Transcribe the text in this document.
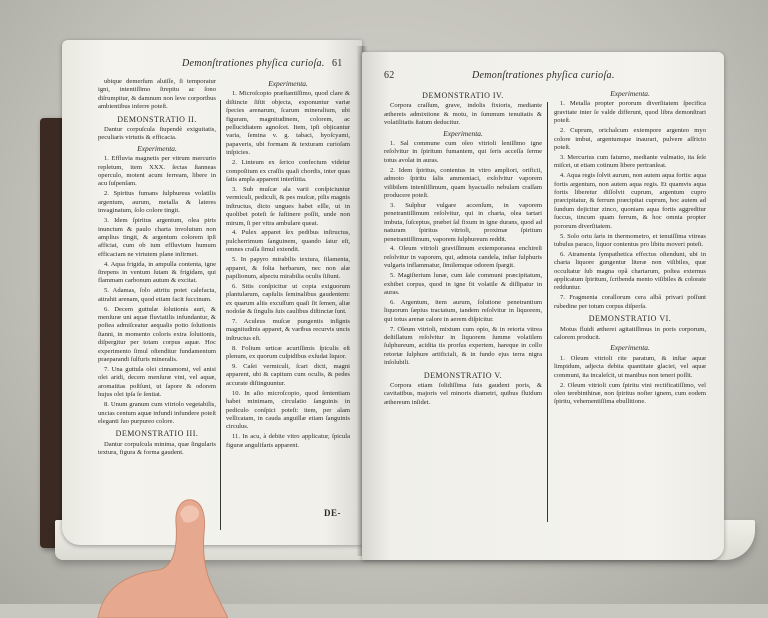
Demonſtrationes phyſica curioſa. 61

ubique demerſum aluiſſe, ſi temporatur igni, intentiſſimo ſtrepitu ac ſono diſrumpitur, & damnum non leve corporibus ambientibus inferre poteſt.

DEMONSTRATIO II.

Dantur corpuſcula ſtupendè exiguitatis, peculiaris virtutis & efficacia.

Experimenta.

1. Effluvia magnetis per vitrum mercurio repletum, item XXX. ſectas ſtanneas operculo, motent acum ferream, libere in acu ſuſpenſam.

2. Spiritus fumans ſulphureus volatilis argentum, aurum, metalla & lateres invaginatum, ſolo colore tingit.

3. Idem ſpiritus argentum, olea piris inunctum & paulo charta involutum non amplius tingit, & argentum colorem ipſi afficiat, cum ob ium effluvium humum efficaciam ne virtutem plane infirmet.

4. Aqua frigida, in ampulla contenta, igne ſtrepens in ventum ſutam & frigidam, qui flammam carbonum autum & excitat.

5. Adamas, ſolo attritu potet calefacta, attrahit arenam, quod etiam facit ſuccinum.

6. Decem guttulæ ſolutionis auri, & menſuræ uni aquæ fluviatilis infundantur, & poſtea admiſceatur aequalis potio ſolutionis ſtanni, in momento coloris extra ſolutionis, diſpergitur per totam corpus aquæ. Hoc experimento ſimul oſtenditur fundamentum praeparandi ſulfuris mineralis.

7. Una guttula olei cinnamomi, vel anisi olei aridi, decem menſuræ vini, vel aquæ, aromatitas poſtſunt, ut ſapore & odorem hujus olei ipſa ſe ſentiat.

8. Unum granum cum vitriolo vegetabilis, uncias centum aquæ infundi infundere poteſt eleganti ſuo purpureo colore.

DEMONSTRATIO III.

Dantur corpuſcula minima, quæ ſingularis textura, figura & forma gaudent.

Experimenta.

1. Microſcopio præſtantiſſimo, quod clare & diſtincte ſiſtit objecta, exponuntur variæ ſpecies arenarum, ſcarum mineralium, ubi figuram, magnitudinem, colorem, ac pellucidiatem agnoſcet. Item, ipſi objicantur varia, ſemina v. g. tabaci, hyoſcyami, papaveris, ubi formam & texturam curioſam inſpicies.

2. Linteum ex ſerico confectum videtur compoſitum ex craſſis quaſi chordis, inter quas ſatis ampla apparent interſtitia.

3. Sub muſcæ ala varii conſpiciuntur vermiculi, pediculi, & pes muſcæ, pilis magnis inſtructus, dicto ungues habet eſſle, ut in quolibet poteſt ſe ſuſtinere poſſit, unde non mirum, ſi per vitra ambulare queat.

4. Pulex apparet ſex pedibus inſtructus, pulcherrimum ſanguinem, quando ſatur eſt, omnes craſſa ſimul extendit.

5. In papyro mirabilis textura, filamenta, apparet, & folia herbarum, nec non alæ papilionum, aſpectu mirabilia oculis ſiſtunt.

6. Sitis conſpicitur ut copia exiguorum plantularum, capſulis ſeminalibus gaudentem: ex quarum aliis excuſſum quaſi ſit ſemen, aliæ nodoſæ & ſingulis ſuis caulibus diſtinctæ ſunt.

7. Aculeus muſcæ pungentis inſignis magnitudinis apparet, & varibus recurvis uncis inſtructus eſt.

8. Folium urticæ acuriſſimis ſpiculis eſt plenum, ex quorum cuſpidibus exſudat liquor.

9. Caſei vermiculi, ſcari dicti, magni apparent, ubi & capitum cum oculis, & pedes accurate diſtinguuntur.

10. In aſio microſcopio, quod ſententiam habet minimam, circulatio ſanguinis in pediculo conſpici poteſt: item, per alam vellicatam, in cauda anguillæ etiam ſanguinis circulus.

11. In acu, à debite vitro applicatur, ſpicula figuræ angulifaris apparent.

DE-
62	Demonſtrationes phyſica curioſa.
DEMONSTRATIO IV.

Corpora craſſum, grave, indolis fixioris, mediante æthereis admixtione & motu, in ſummum tenuitatis & volatilitatis ſtatum deducitur.

Experimenta.

1. Sal commune cum oleo vitrioli leniſſimo igne reſolvitur in ſpiritum fumantem, qui ſeris acceſſa ſerme totus avolat in auras.

2. Idem ſpiritus, contentus in vitro ampliori, orificii, admoto ſpiritu ſalis ammoniaci, exſolvitur vaporem viſibilem intenſiſſimum, quam hyacuallo nebulam craſſam producere poteſt.

3. Sulphur vulgare accenſum, in vaporem penetrantiſſimum reſolvitur, qui in charta, olea tartari imbuta, ſuſceptus, præbet ſal fixum in igne durans, quod ad naturam ſpiritus vitrioli, proximæ ſpiritum penetrantiſſimum, vaporem ſulphureum reddit.

4. Oleum vitrioli graviſſimum extemporanea enchireſi reſolvitur in vaporem, qui, admota candela, inſtar ſulphuris vulgaris inflammatur, ſimilemque odorem ſpargit.

5. Magiſterium lunæ, cum ſale communi præcipitatum, exhibet corpus, quod in igne fit volatile & diſſipatur in auras.

6. Argentum, item aurum, ſolutione penetrantium liquorum ſæpius tractatum, tandem reſolvitur in liquorem, qui totus arenæ calore in aerem diſpicitur.

7. Oleum vitrioli, mixtum cum opio, & in retorta vitrea deſtillatum reſolvitur in liquorem ſumme volatilem ſulphureum, acidita tis prorſus expertem, hareque in collo retortæ ſulphure artificiali, & in fundo ejus terra nigra inſolubili.

DEMONSTRATIO V.

Corpora etiam ſolidiſſima ſuis gaudent poris, & cavitatibus, majoris vel minoris diametri, quibus fluidum æthereum inſidet.

Experimenta.

1. Metalla propter pororum diverſitatem ſpecifica gravitate inter ſe valde differunt, quod libra demonſtrari poteſt.

2. Cuprum, orichalcum extempore argenteo myo colore imbui, argentumque inaurari, pulvere aſſricto poteſt.

3. Mercurius cum faturno, mediante vulmatio, ita ſeſe miſcet, ut etiam cotinum libere pertranſeat.

4. Aqua regis ſolvit aurum, non autem aqua fortis: aqua fortis argentum, non autem aqua regis. Et quamvis aqua fortis liberetur diſſolvit cuprum, argentum cupro præcipitatur, & ferrum præcipitat cuprum, hoc autem ad ſundum dejicitur zinco, quoniam aqua fortis aggreditur ſuccus, tincum quam ferrum, & hoc omnia propter pororum diverſitatem.

5. Solo ortu ſaris in thermometro, et tenuiſſima vitreas tubulus paraco, liquor contentus pro libitu moveri poteſt.

6. Atramenta ſympathetica effectus oſtendunt, ubi in charta liquore gungentur literæ non viſibiles, quæ occultatur ſub magna opâ chartarum, poſtea externus applicatum ſpiritum, ſcribenda mento viſibiles & colorate redduntur.

7. Fragmenta corallorum cera albâ privari poſſunt rubedine per totum corpus diſperſa.

DEMONSTRATIO VI.

Motus fluidi ætherei agitatiſſimus in poris corporum, calorem producit.

Experimenta.

1. Oleum vitrioli rite paratum, & inſtar aquæ limpidum, adjecta debita quantitate glaciei, vel aquæ communi, ita incaleſcit, ut manibus non teneri poſſit.

2. Oleum vitrioli cum ſpiritu vini rectificatiſſimo, vel oleo terebinthinæ, non ſpiritus noſter ignem, cum eodem ſpiritu, vehementiſſima ebullitione.
